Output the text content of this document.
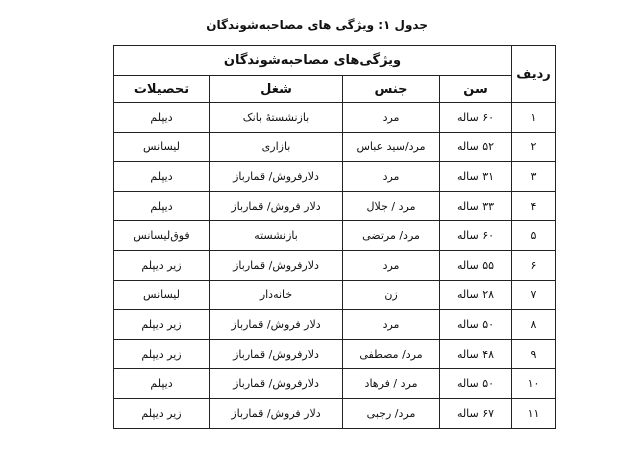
جدول ۱: ویژگی های مصاحبه‌شوندگان
ردیف	ویژگی‌های مصاحبه‌شوندگان			
	سن	جنس	شغل	تحصیلات
۱	۶۰ ساله	مرد	بازنشستهٔ بانک	دیپلم
۲	۵۲ ساله	مرد/سید عباس	بازاری	لیسانس
۳	۳۱ ساله	مرد	دلارفروش/ قمارباز	دیپلم
۴	۳۳ ساله	مرد / جلال	دلار فروش/ قمارباز	دیپلم
۵	۶۰ ساله	مرد/ مرتضی	بازنشسته	فوق‌لیسانس
۶	۵۵ ساله	مرد	دلارفروش/ قمارباز	زیر دیپلم
۷	۲۸ ساله	زن	خانه‌دار	لیسانس
۸	۵۰ ساله	مرد	دلار فروش/ قمارباز	زیر دیپلم
۹	۴۸ ساله	مرد/ مصطفی	دلارفروش/ قمارباز	زیر دیپلم
۱۰	۵۰ ساله	مرد / فرهاد	دلارفروش/ قمارباز	دیپلم
۱۱	۶۷ ساله	مرد/ رجبی	دلار فروش/ قمارباز	زیر دیپلم
